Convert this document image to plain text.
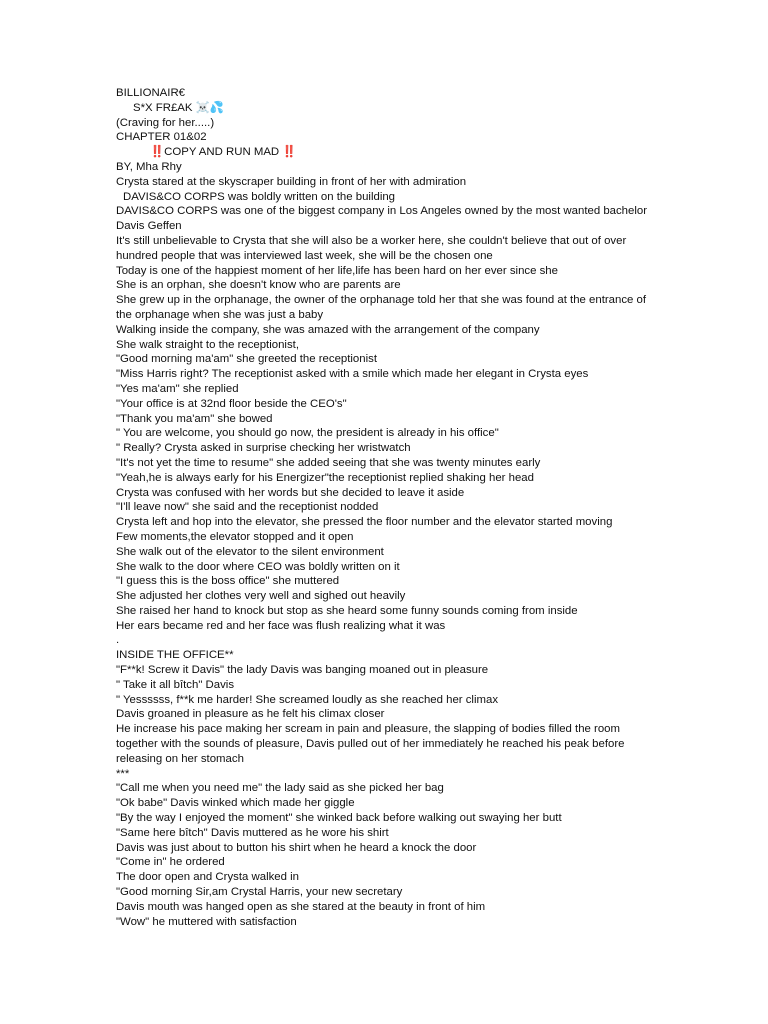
BILLIONAIR€
S*X FR£AK ☠️💦
(Craving for her.....)
CHAPTER 01&02
‼️COPY AND RUN MAD ‼️
BY, Mha Rhy
Crysta stared at the skyscraper building in front of her with admiration
DAVIS&CO CORPS was boldly written on the building
DAVIS&CO CORPS was one of the biggest company in Los Angeles owned by the most wanted bachelor Davis Geffen
It's still unbelievable to Crysta that she will also be a worker here, she couldn't believe that out of over hundred people that was interviewed last week, she will be the chosen one
Today is one of the happiest moment of her life,life has been hard on her ever since she
She is an orphan, she doesn't know who are parents are
She grew up in the orphanage, the owner of the orphanage told her that she was found at the entrance of the orphanage when she was just a baby
Walking inside the company, she was amazed with the arrangement of the company
She walk straight to the receptionist,
"Good morning ma'am" she greeted the receptionist
"Miss Harris right? The receptionist asked with a smile which made her elegant in Crysta eyes
"Yes ma'am" she replied
"Your office is at 32nd floor beside the CEO's"
"Thank you ma'am" she bowed
" You are welcome, you should go now, the president is already in his office"
" Really? Crysta asked in surprise checking her wristwatch
"It's not yet the time to resume" she added seeing that she was twenty minutes early
"Yeah,he is always early for his Energizer"the receptionist replied shaking her head
Crysta was confused with her words but she decided to leave it aside
"I'll leave now" she said and the receptionist nodded
Crysta left and hop into the elevator, she pressed the floor number and the elevator started moving
Few moments,the elevator stopped and it open
She walk out of the elevator to the silent environment
She walk to the door where CEO was boldly written on it
"I guess this is the boss office" she muttered
She adjusted her clothes very well and sighed out heavily
She raised her hand to knock but stop as she heard some funny sounds coming from inside
Her ears became red and her face was flush realizing what it was
.
INSIDE THE OFFICE**
"F**k! Screw it Davis" the lady Davis was banging moaned out in pleasure
" Take it all bîtch" Davis
" Yessssss, f**k me harder! She screamed loudly as she reached her climax
Davis groaned in pleasure as he felt his climax closer
He increase his pace making her scream in pain and pleasure, the slapping of bodies filled the room together with the sounds of pleasure, Davis pulled out of her immediately he reached his peak before releasing on her stomach
***
"Call me when you need me" the lady said as she picked her bag
"Ok babe" Davis winked which made her giggle
"By the way I enjoyed the moment" she winked back before walking out swaying her butt
"Same here bîtch" Davis muttered as he wore his shirt
Davis was just about to button his shirt when he heard a knock the door
"Come in" he ordered
The door open and Crysta walked in
"Good morning Sir,am Crystal Harris, your new secretary
Davis mouth was hanged open as she stared at the beauty in front of him
"Wow" he muttered with satisfaction
